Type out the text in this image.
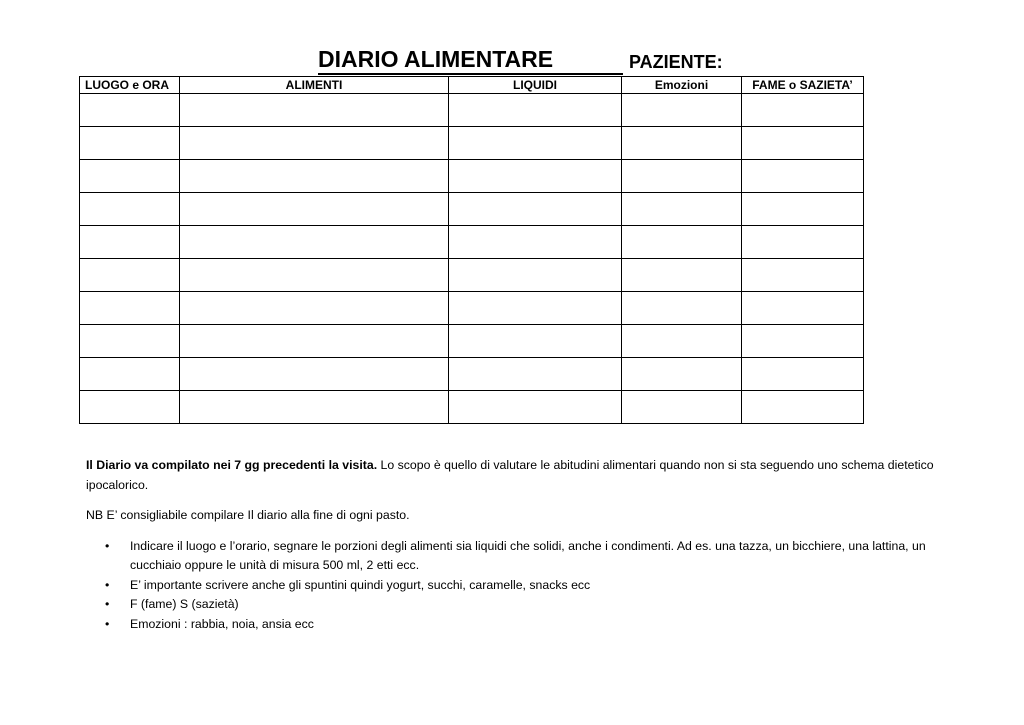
DIARIO ALIMENTARE	PAZIENTE:
LUOGO e ORA	ALIMENTI	LIQUIDI	Emozioni	FAME o SAZIETA’

Il Diario va compilato nei 7 gg precedenti la visita. Lo scopo è quello di valutare le abitudini alimentari quando non si sta seguendo uno schema dietetico ipocalorico.

NB E’ consigliabile compilare Il diario alla fine di ogni pasto.

• Indicare il luogo e l’orario, segnare le porzioni degli alimenti sia liquidi che solidi, anche i condimenti. Ad es. una tazza, un bicchiere, una lattina, un cucchiaio oppure le unità di misura 500 ml, 2 etti ecc.
• E’ importante scrivere anche gli spuntini quindi yogurt, succhi, caramelle, snacks ecc
• F (fame) S (sazietà)
• Emozioni : rabbia, noia, ansia ecc
